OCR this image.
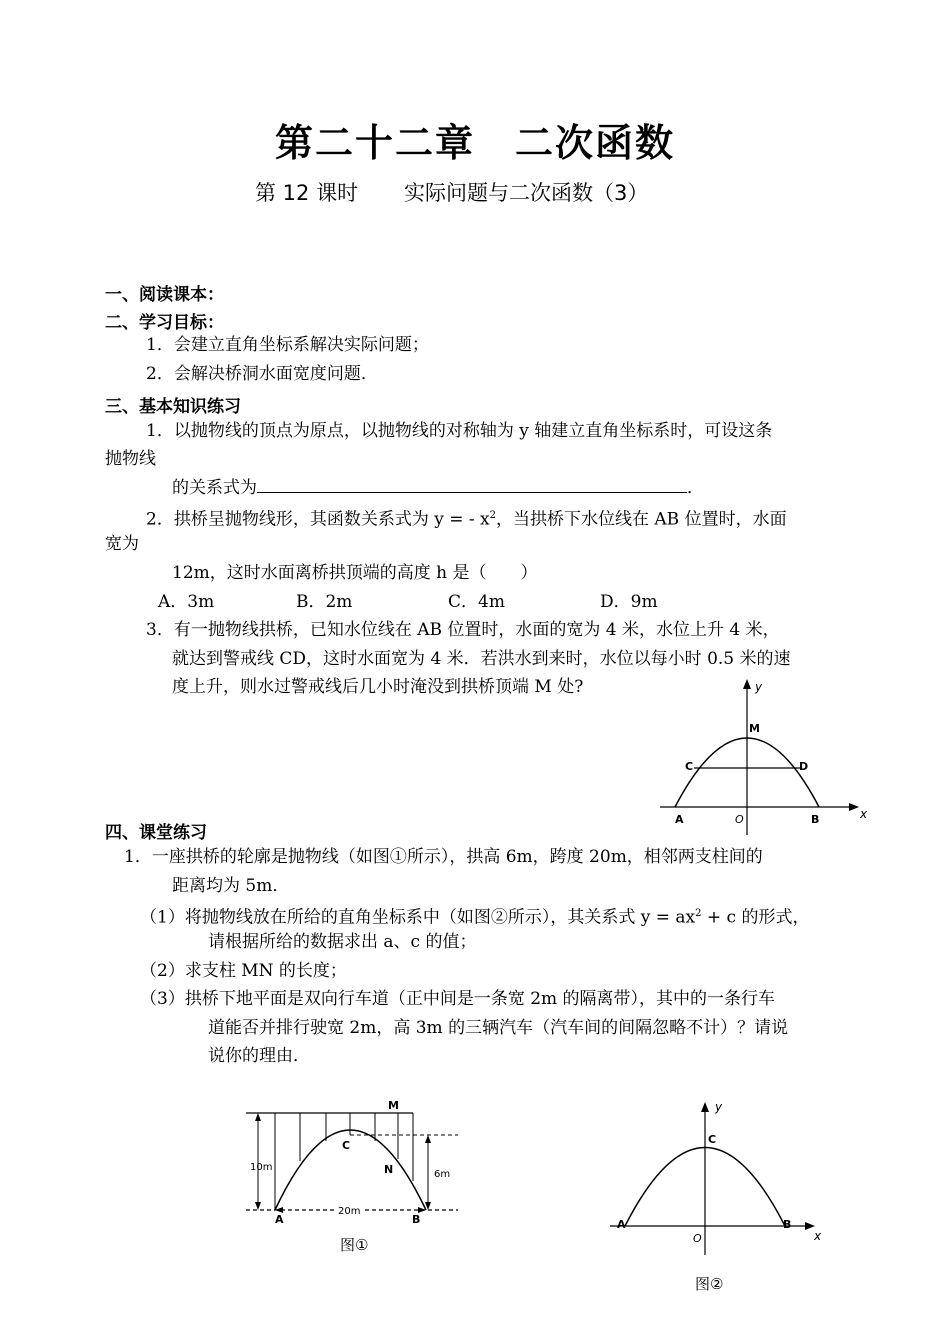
第二十二章　二次函数
第 12 课时 实际问题与二次函数（3）
一、阅读课本：
二、学习目标：
1．会建立直角坐标系解决实际问题；
2．会解决桥洞水面宽度问题．
三、基本知识练习
1．以抛物线的顶点为原点，以抛物线的对称轴为 y 轴建立直角坐标系时，可设这条
抛物线
的关系式为	．
2．拱桥呈抛物线形，其函数关系式为 y = - $x^2$，当拱桥下水位线在 AB 位置时，水面
宽为
12m，这时水面离桥拱顶端的高度 h 是（　　）
A．3m	B．2m	C．4m	D．9m
3．有一抛物线拱桥，已知水位线在 AB 位置时，水面的宽为 4 米，水位上升 4 米，
就达到警戒线 CD，这时水面宽为 4 米．若洪水到来时，水位以每小时 0.5 米的速
度上升，则水过警戒线后几小时淹没到拱桥顶端 M 处?	y
x
M
C	D
A	O	B
四、课堂练习
1．一座拱桥的轮廓是抛物线（如图①所示），拱高 6m，跨度 20m，相邻两支柱间的
距离均为 5m．
（1）将抛物线放在所给的直角坐标系中（如图②所示），其关系式 $y = ax^2 + c$ 的形式，
请根据所给的数据求出 a、c 的值；
（2）求支柱 MN 的长度；
（3）拱桥下地平面是双向行车道（正中间是一条宽 2m 的隔离带），其中的一条行车
道能否并排行驶宽 2m，高 3m 的三辆汽车（汽车间的间隔忽略不计）？请说
说你的理由．
20m
M
C
N
10m
6m
A	B
图①
y
x
C
A	B
O
图②
